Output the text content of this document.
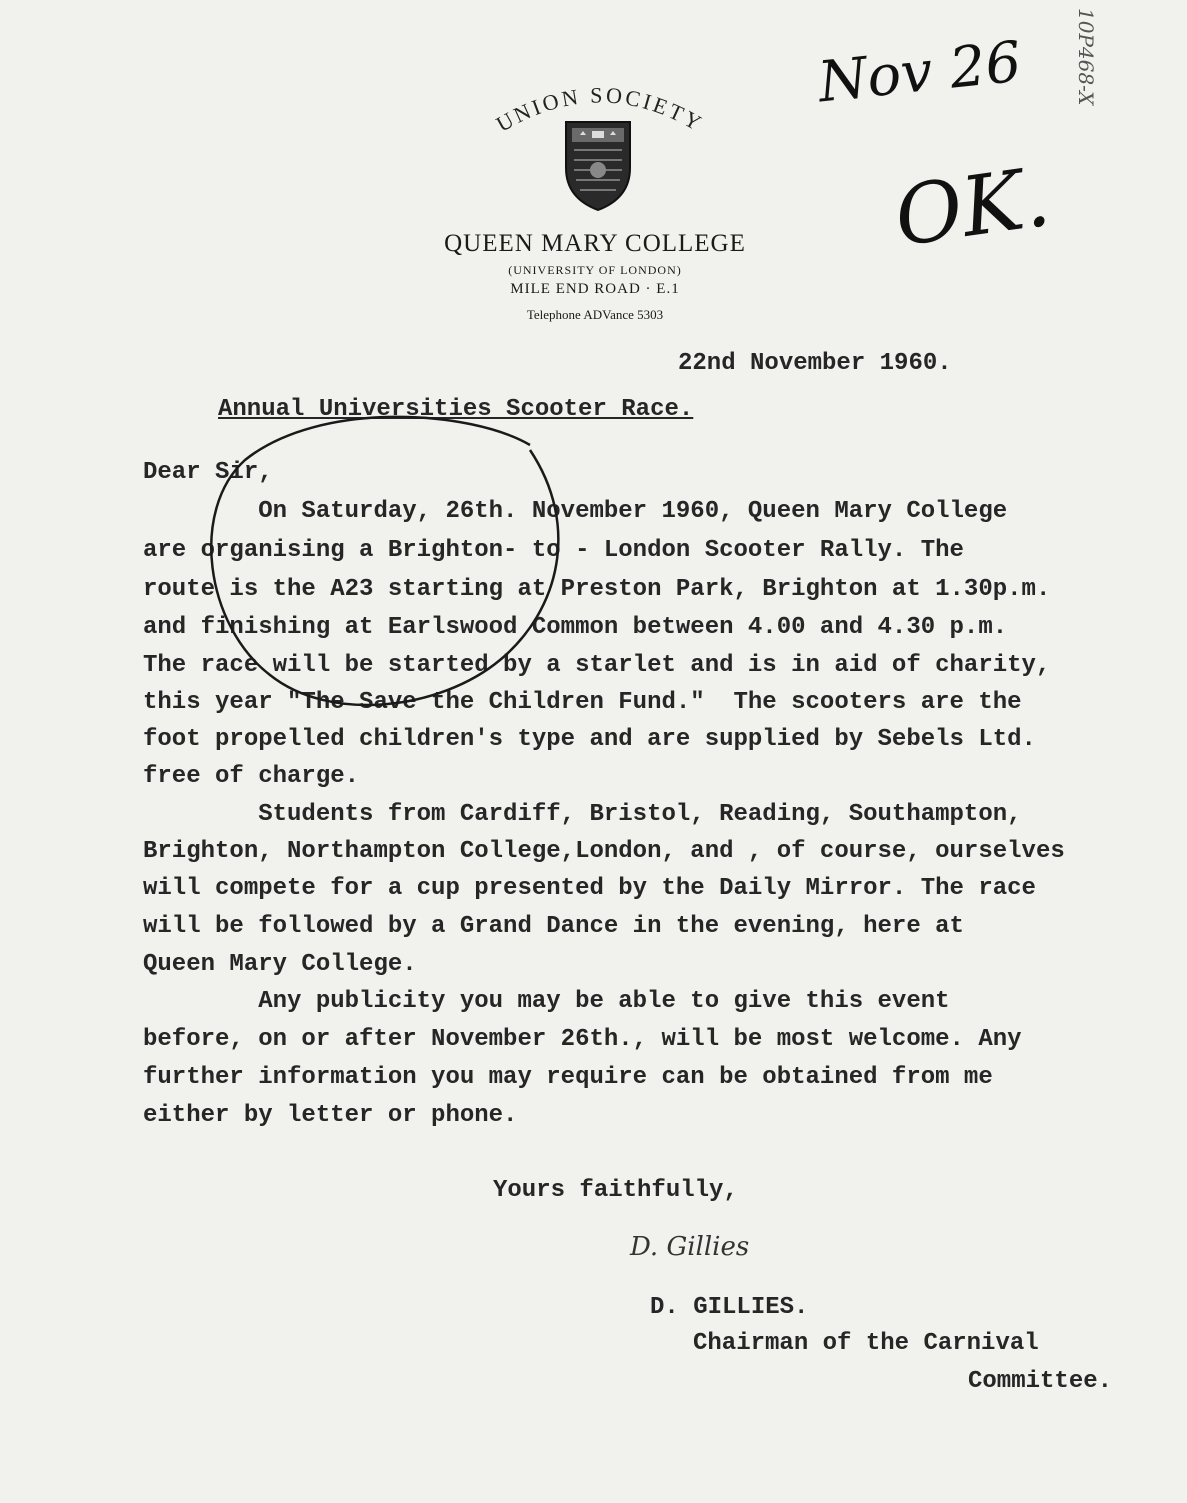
UNION SOCIETY
QUEEN MARY COLLEGE
(UNIVERSITY OF LONDON)
MILE END ROAD · E.1
Telephone ADVance 5303
10P468-X
Nov 26
OK.
22nd November 1960.
Annual Universities Scooter Race.
Dear Sir,
On Saturday, 26th. November 1960, Queen Mary College
are organising a Brighton- to - London Scooter Rally. The
route is the A23 starting at Preston Park, Brighton at 1.30p.m.
and finishing at Earlswood Common between 4.00 and 4.30 p.m.
The race will be started by a starlet and is in aid of charity,
this year "The Save the Children Fund."  The scooters are the
foot propelled children's type and are supplied by Sebels Ltd.
free of charge.
Students from Cardiff, Bristol, Reading, Southampton,
Brighton, Northampton College,London, and , of course, ourselves
will compete for a cup presented by the Daily Mirror. The race
will be followed by a Grand Dance in the evening, here at
Queen Mary College.
Any publicity you may be able to give this event
before, on or after November 26th., will be most welcome. Any
further information you may require can be obtained from me
either by letter or phone.
Yours faithfully,
D. Gillies
D. GILLIES.
Chairman of the Carnival
Committee.
